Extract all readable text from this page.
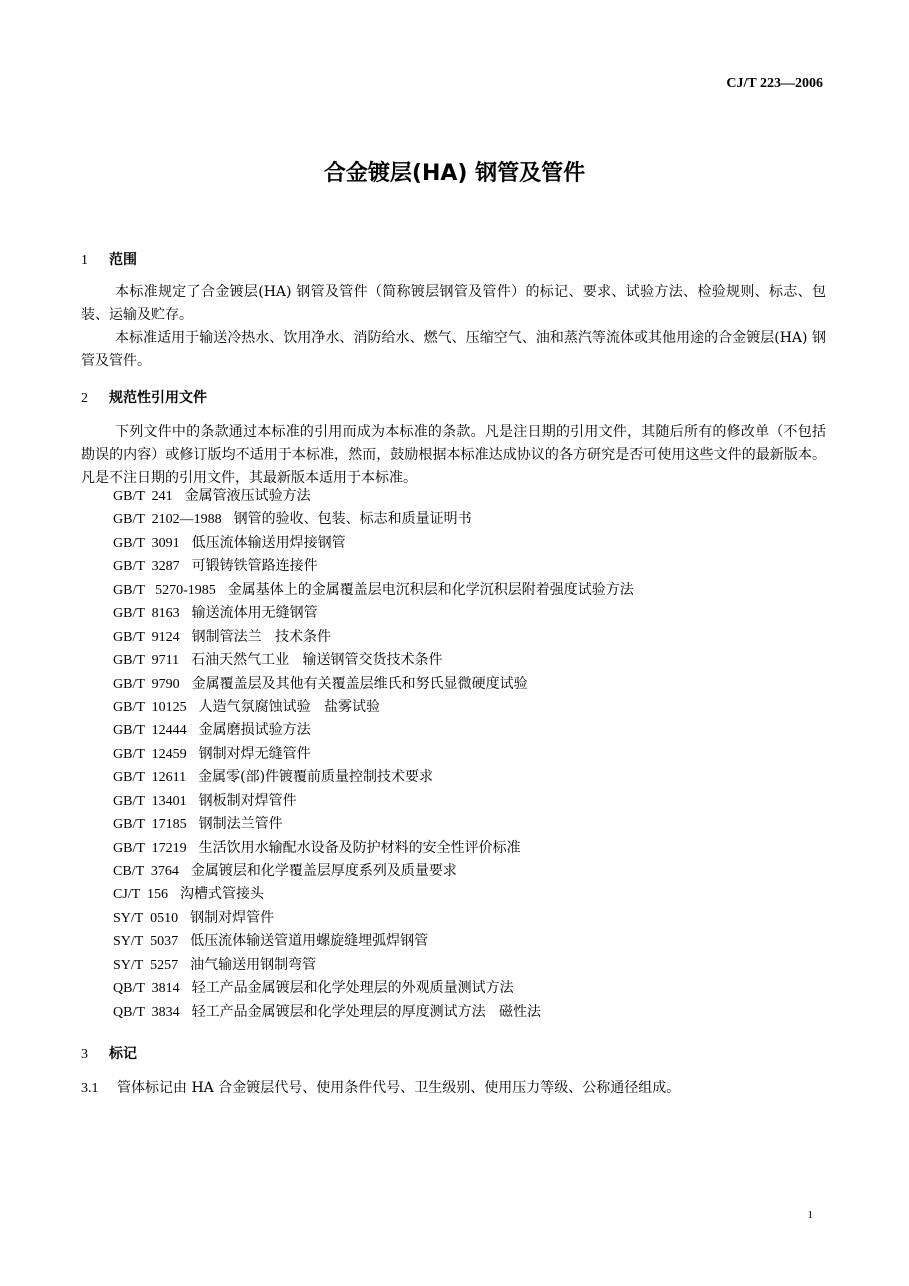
CJ/T 223—2006
合金镀层(HA) 钢管及管件
1 范围
本标准规定了合金镀层(HA) 钢管及管件（简称镀层钢管及管件）的标记、要求、试验方法、检验规则、标志、包装、运输及贮存。
本标准适用于输送冷热水、饮用净水、消防给水、燃气、压缩空气、油和蒸汽等流体或其他用途的合金镀层(HA) 钢管及管件。
2 规范性引用文件
下列文件中的条款通过本标准的引用而成为本标准的条款。凡是注日期的引用文件，其随后所有的修改单（不包括勘误的内容）或修订版均不适用于本标准，然而，鼓励根据本标准达成协议的各方研究是否可使用这些文件的最新版本。凡是不注日期的引用文件，其最新版本适用于本标准。
GB/T  241 金属管液压试验方法
GB/T  2102—1988 钢管的验收、包装、标志和质量证明书
GB/T  3091 低压流体输送用焊接钢管
GB/T  3287 可锻铸铁管路连接件
GB/T   5270-1985 金属基体上的金属覆盖层电沉积层和化学沉积层附着强度试验方法
GB/T  8163 输送流体用无缝钢管
GB/T  9124 钢制管法兰   技术条件
GB/T  9711 石油天然气工业   输送钢管交货技术条件
GB/T  9790 金属覆盖层及其他有关覆盖层维氏和努氏显微硬度试验
GB/T  10125 人造气氛腐蚀试验   盐雾试验
GB/T  12444 金属磨损试验方法
GB/T  12459 钢制对焊无缝管件
GB/T  12611 金属零(部)件镀覆前质量控制技术要求
GB/T  13401 钢板制对焊管件
GB/T  17185 钢制法兰管件
GB/T  17219 生活饮用水输配水设备及防护材料的安全性评价标准
CB/T  3764 金属镀层和化学覆盖层厚度系列及质量要求
CJ/T  156 沟槽式管接头
SY/T  0510 钢制对焊管件
SY/T  5037 低压流体输送管道用螺旋缝埋弧焊钢管
SY/T  5257 油气输送用钢制弯管
QB/T  3814 轻工产品金属镀层和化学处理层的外观质量测试方法
QB/T  3834 轻工产品金属镀层和化学处理层的厚度测试方法   磁性法
3 标记
3.1 管体标记由 HA 合金镀层代号、使用条件代号、卫生级别、使用压力等级、公称通径组成。
1
